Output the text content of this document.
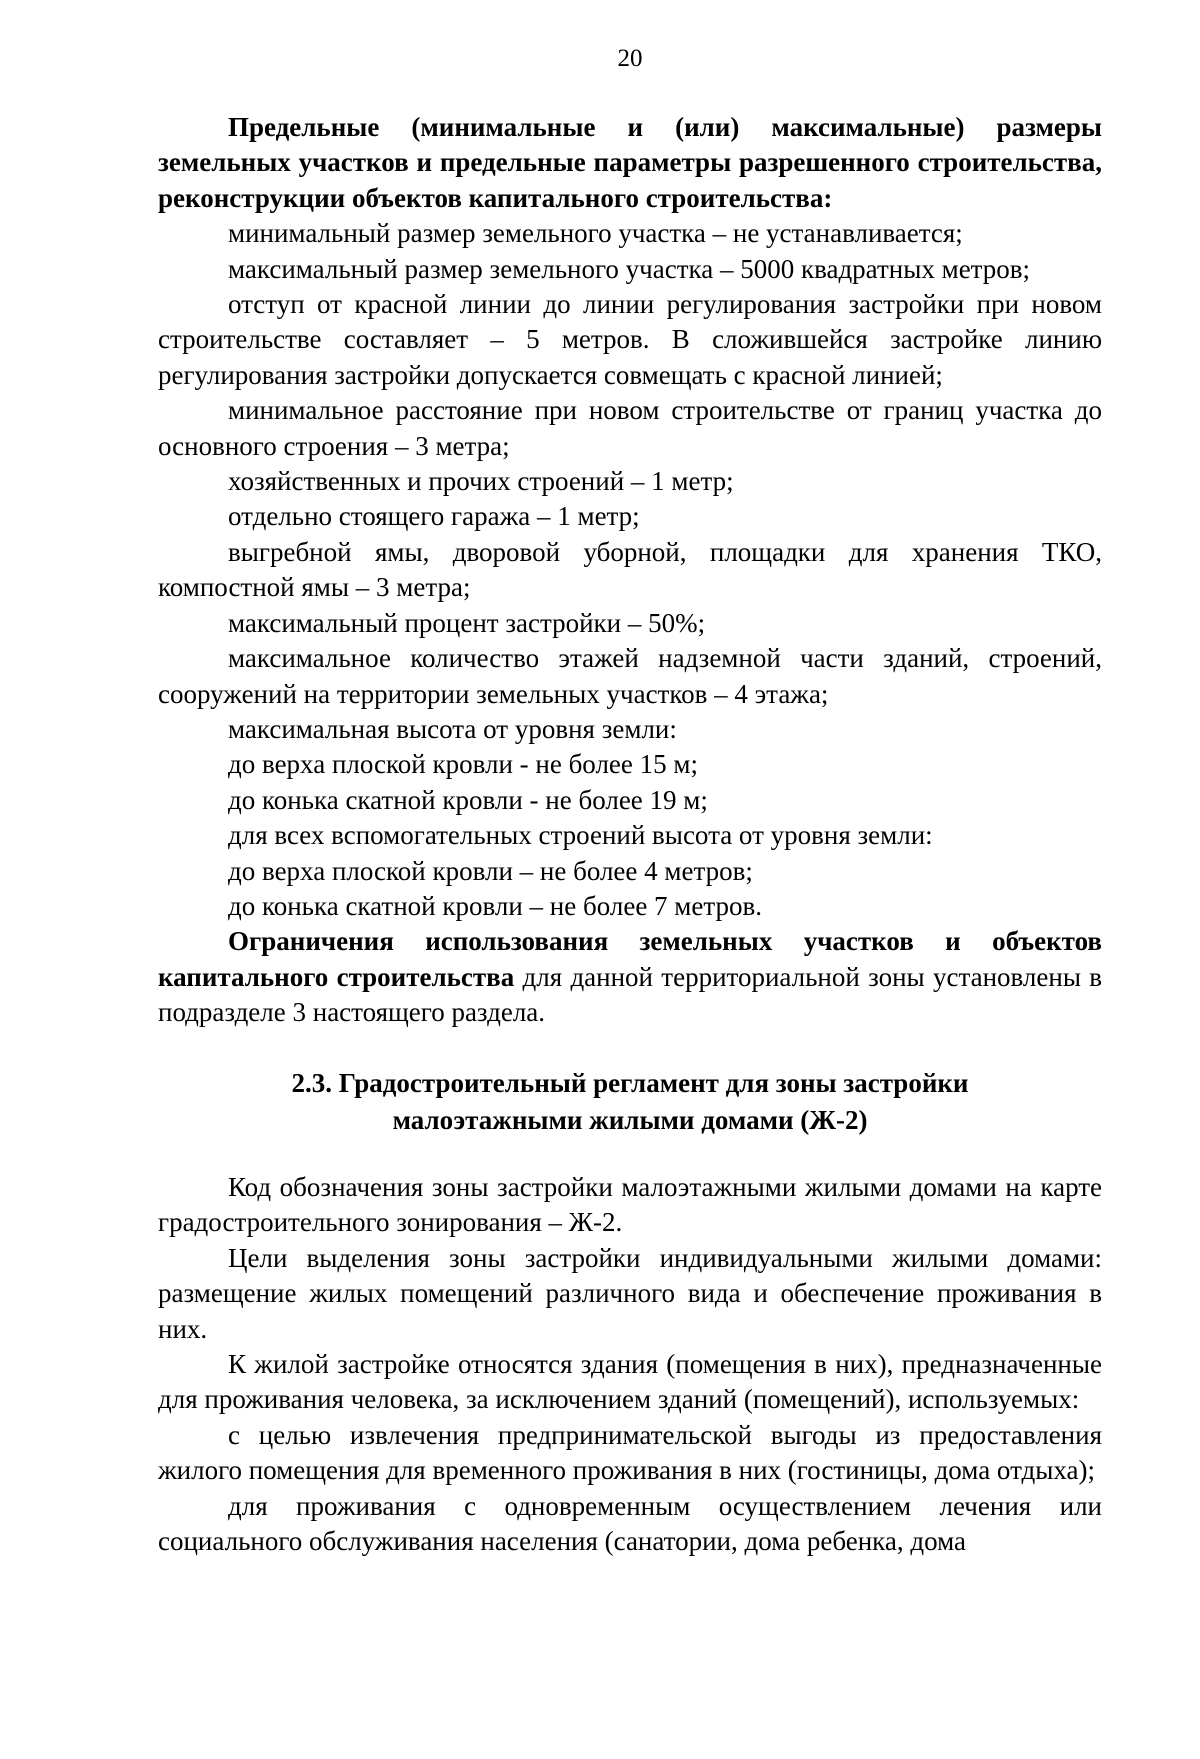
20

Предельные (минимальные и (или) максимальные) размеры земельных участков и предельные параметры разрешенного строительства, реконструкции объектов капитального строительства:

минимальный размер земельного участка – не устанавливается;

максимальный размер земельного участка – 5000 квадратных метров;

отступ от красной линии до линии регулирования застройки при новом строительстве составляет – 5 метров. В сложившейся застройке линию регулирования застройки допускается совмещать с красной линией;

минимальное расстояние при новом строительстве от границ участка до основного строения – 3 метра;

хозяйственных и прочих строений – 1 метр;

отдельно стоящего гаража – 1 метр;

выгребной ямы, дворовой уборной, площадки для хранения ТКО, компостной ямы – 3 метра;

максимальный процент застройки – 50%;

максимальное количество этажей надземной части зданий, строений, сооружений на территории земельных участков – 4 этажа;

максимальная высота от уровня земли:

до верха плоской кровли - не более 15 м;

до конька скатной кровли - не более 19 м;

для всех вспомогательных строений высота от уровня земли:

до верха плоской кровли – не более 4 метров;

до конька скатной кровли – не более 7 метров.

Ограничения использования земельных участков и объектов капитального строительства для данной территориальной зоны установлены в подразделе 3 настоящего раздела.

2.3. Градостроительный регламент для зоны застройки
малоэтажными жилыми домами (Ж-2)

Код обозначения зоны застройки малоэтажными жилыми домами на карте градостроительного зонирования – Ж-2.

Цели выделения зоны застройки индивидуальными жилыми домами: размещение жилых помещений различного вида и обеспечение проживания в них.

К жилой застройке относятся здания (помещения в них), предназначенные для проживания человека, за исключением зданий (помещений), используемых:

с целью извлечения предпринимательской выгоды из предоставления жилого помещения для временного проживания в них (гостиницы, дома отдыха);

для проживания с одновременным осуществлением лечения или социального обслуживания населения (санатории, дома ребенка, дома
